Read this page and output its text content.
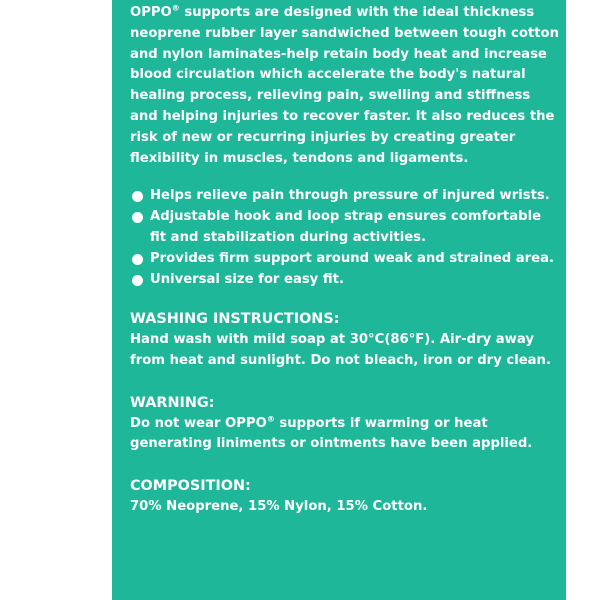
OPPO® supports are designed with the ideal thickness neoprene rubber layer sandwiched between tough cotton and nylon laminates-help retain body heat and increase blood circulation which accelerate the body's natural healing process, relieving pain, swelling and stiffness and helping injuries to recover faster. It also reduces the risk of new or recurring injuries by creating greater flexibility in muscles, tendons and ligaments.

Helps relieve pain through pressure of injured wrists.
Adjustable hook and loop strap ensures comfortable fit and stabilization during activities.
Provides firm support around weak and strained area.
Universal size for easy fit.

WASHING INSTRUCTIONS:

Hand wash with mild soap at 30°C(86°F). Air-dry away from heat and sunlight. Do not bleach, iron or dry clean.

WARNING:

Do not wear OPPO® supports if warming or heat generating liniments or ointments have been applied.

COMPOSITION:

70% Neoprene, 15% Nylon, 15% Cotton.
